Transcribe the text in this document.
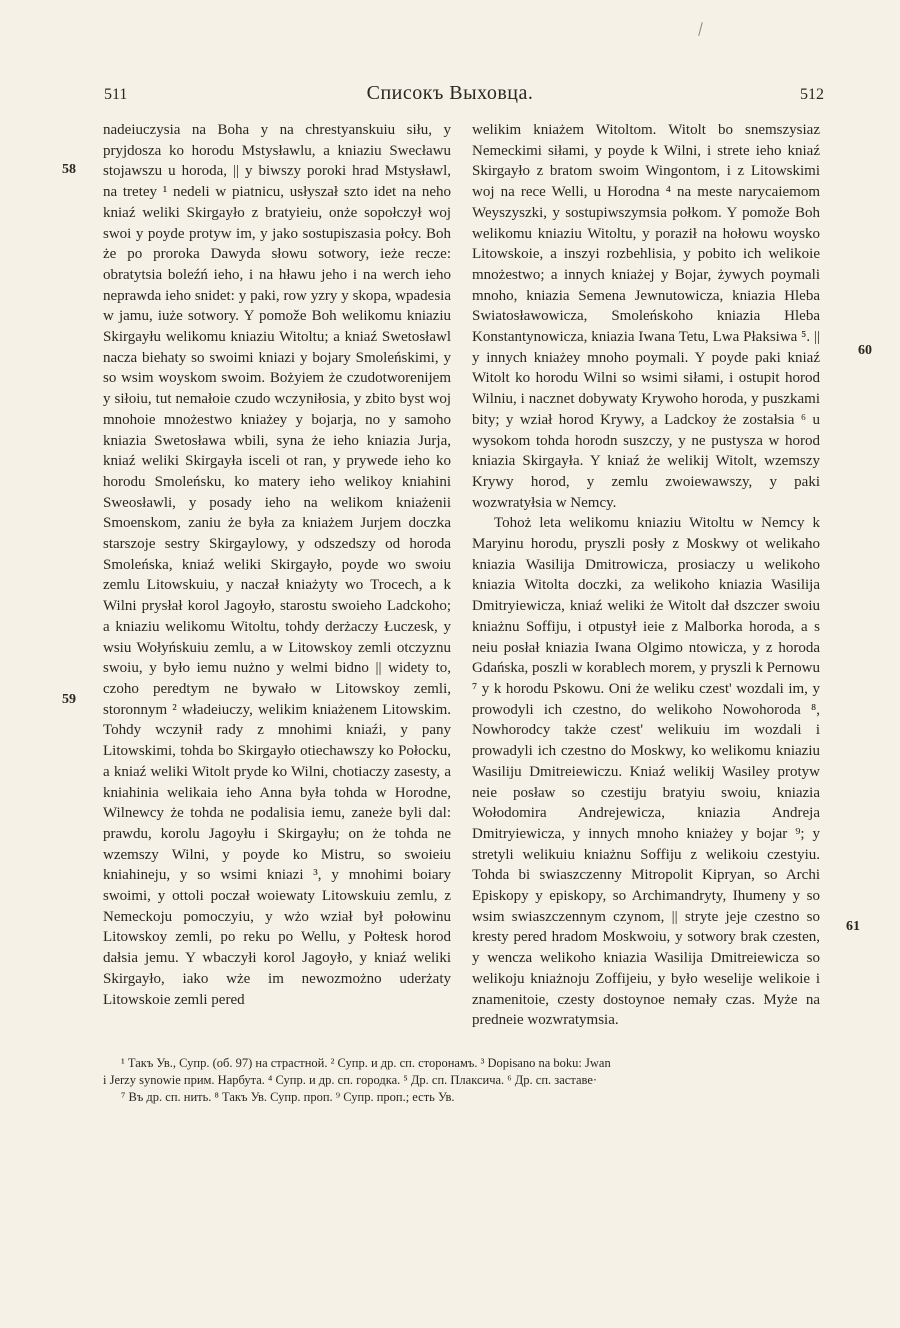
511	Списокъ Выховца.	512
58
59
60
61

nadeiuczysia na Boha y na chrestyanskuiu siłu, y pryjdosza ko horodu Mstysławlu, a kniaziu Swecławu stojawszu u horoda, || y biwszy poroki hrad Mstysławl, na tretey ¹ nedeli w piatnicu, usłyszał szto idet na neho kniaź weliki Skirgayło z bratyieiu, onże sopołczył woj swoi y poyde protyw im, y jako sostupiszasia połcy. Boh że po proroka Dawyda słowu sotwory, ieże recze: obratytsia boleźń ieho, i na hławu jeho i na werch ieho neprawda ieho snidet: y paki, row yzry y skopa, wpadesia w jamu, iuże sotwory. Y pomože Boh welikomu kniaziu Skirgayłu welikomu kniaziu Witoltu; a kniaź Swetosławl nacza biehaty so swoimi kniazi y bojary Smoleńskimi, y so wsim woyskom swoim. Bożyiem że czudotworenijem y siłoiu, tut nemałoie czudo wczyniłosia, y zbito byst woj mnohoie mnożestwo kniażey y bojarja, no y samoho kniazia Swetosławа wbili, syna że ieho kniazia Jurja, kniaź weliki Skirgayła isceli ot ran, y prywede ieho ko horodu Smoleńsku, ko matery ieho welikoy kniahini Sweosławli, y posady ieho na welikom kniażenii Smoenskom, zaniu że była za kniażem Jurjem doczka starszoje sestry Skirgaylowy, y odszedszy od horoda Smoleńska, kniaź weliki Skirgayło, poyde wo swoiu zemlu Litowskuiu, y naczał kniażyty wo Trocech, a k Wilni prysłał korol Jagoyło, starostu swoieho Ladckoho; a kniaziu welikomu Witoltu, tohdy derżaczy Łuczesk, y wsiu Wołyńskuiu zemlu, a w Litowskoy zemli otczyznu swoiu, y było iemu nużno y welmi bidno || widety to, czoho peredtym ne bywało w Litowskoy zemli, storonnym ² władeiuczy, welikim kniażenem Litowskim. Tohdy wczynił rady z mnohimi kniaźi, y pany Litowskimi, tohda bo Skirgayło otiechawszy ko Połocku, a kniaź weliki Witolt pryde ko Wilni, chotiaczy zasesty, a kniahinia welikaia ieho Anna była tohda w Horodne, Wilnewcy że tohda ne podalisia iemu, zaneże byli dal: prawdu, korolu Jagoyłu i Skirgayłu; on że tohda ne wzemszy Wilni, y poyde ko Mistru, so swoieiu kniahineju, y so wsimi kniazi ³, y mnohimi boiary swoimi, y ottoli poczał woiewaty Litowskuiu zemlu, z Nemeckoju pomoczyiu, y wżo wział był połowinu Litowskoy zemli, po reku po Wellu, y Połtesk horod dałsia jemu. Y wbaczyłi korol Jagoyło, y kniaź weliki Skirgayło, iako wże im newozmożno uderżaty Litowskoie zemli pered

welikim kniażem Witoltom. Witolt bo snemszysiaz Nemeckimi siłami, y poyde k Wilni, i strete ieho kniaź Skirgayło z bratom swoim Wingontom, i z Litowskimi woj na rece Welli, u Horodna ⁴ na meste narycaiemom Weyszyszki, y sostupiwszymsia połkom. Y pomože Boh welikomu kniaziu Witoltu, y poraził na hołowu woysko Litowskoie, a inszyi rozbehlisia, y pobito ich welikoie mnożestwo; a innych kniażej y Bojar, żywych poymali mnoho, kniazia Semena Jewnutowicza, kniazia Hleba Swiatosławowicza, Smoleńskoho kniazia Hleba Konstantynowicza, kniazia Iwana Tetu, Lwa Płaksiwa ⁵. || y innych kniażey mnoho poymali. Y poyde paki kniaź Witolt ko horodu Wilni so wsimi siłami, i ostupit horod Wilniu, i nacznet dobywaty Krywoho horoda, y puszkami bity; y wział horod Krywy, a Ladckoy że zostałsia ⁶ u wysokom tohda horodn suszczy, y ne pustysza w horod kniazia Skirgayła. Y kniaź że welikij Witolt, wzemszy Krywy horod, y zemlu zwoiewawszy, y paki wozwratyłsia w Nemcy.

Tohoż leta welikomu kniaziu Witoltu w Nemcy k Maryinu horodu, pryszli posły z Moskwy ot welikaho kniazia Wasilija Dmitrowicza, prosiaczy u welikoho kniazia Witolta doczki, za welikoho kniazia Wasilija Dmitryiewicza, kniaź weliki że Witolt dał dszczer swoiu kniażnu Soffiju, i otpustył ieie z Malborka horoda, a s neiu posłał kniazia Iwana Olgimo ntowicza, y z horoda Gdańska, poszli w korablech morem, y pryszli k Pernowu ⁷ y k horodu Pskowu. Oni że weliku czest' wozdali im, y prowodyli ich czestno, do welikoho Nowohoroda ⁸, Nowhorodcy także czest' welikuiu im wozdali i prowadyli ich czestno do Moskwy, ko welikomu kniaziu Wasiliju Dmitreiewiczu. Kniaź welikij Wasiley protyw neie posław so czestiju bratyiu swoiu, kniazia Wołodomira Andrejewicza, kniazia Andreja Dmitryiewicza, y innych mnoho kniażey y bojar ⁹; y stretyli welikuiu kniażnu Soffiju z welikoiu czestyiu. Tohda bi swiaszczenny Mitropolit Kipryan, so Archi Episkopy y episkopy, so Archimandryty, Ihumeny y so wsim swiaszczennym czynom, || stryte jeje czestno so kresty pered hradom Moskwoiu, y sotwory brak czesten, y wencza welikoho kniazia Wasilija Dmitreiewicza so welikoju kniażnoju Zoffijeiu, y było weselije welikoie i znamenitoie, czesty dostoynoe nemały czas. Myże na predneie wozwratymsia.

¹ Такъ Ув., Супр. (об. 97) на страстной. ² Супр. и др. сп. сторонамъ. ³ Dopisano na boku: Jwan

i Jerzy synowie прим. Нарбута. ⁴ Супр. и др. сп. городка. ⁵ Др. сп. Плаксича. ⁶ Др. сп. заставе·

⁷ Въ др. сп. нить. ⁸ Такъ Ув. Супр. проп. ⁹ Супр. проп.; есть Ув.
